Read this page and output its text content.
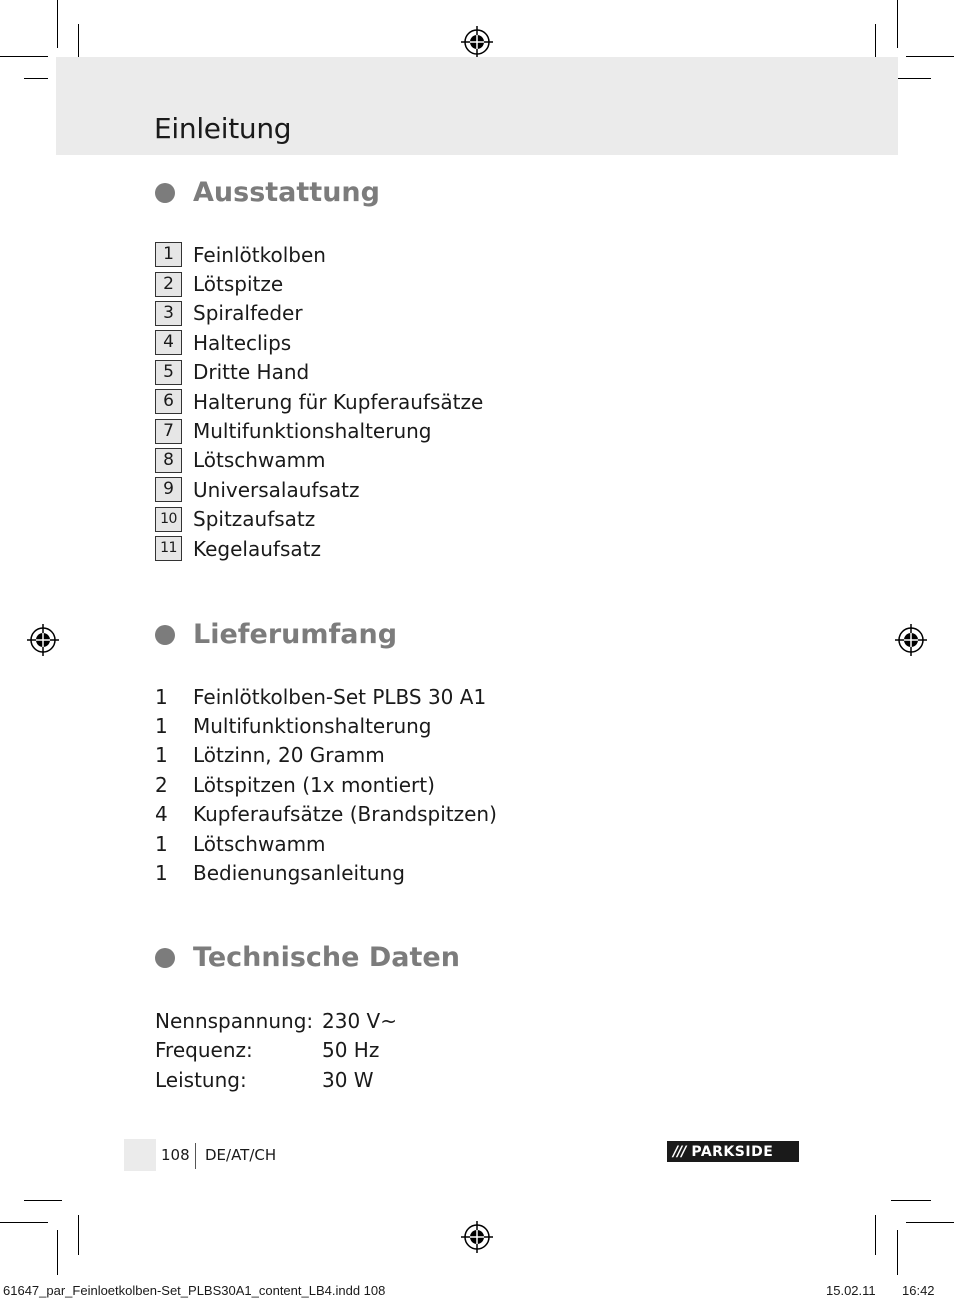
Einleitung
Ausstattung
1 Feinlötkolben
2 Lötspitze
3 Spiralfeder
4 Halteclips
5 Dritte Hand
6 Halterung für Kupferaufsätze
7 Multifunktionshalterung
8 Lötschwamm
9 Universalaufsatz
10 Spitzaufsatz
11 Kegelaufsatz
Lieferumfang
1	Feinlötkolben-Set PLBS 30 A1
1	Multifunktionshalterung
1	Lötzinn, 20 Gramm
2	Lötspitzen (1x montiert)
4	Kupferaufsätze (Brandspitzen)
1	Lötschwamm
1	Bedienungsanleitung
Technische Daten
Nennspannung:	230 V~
Frequenz:	50 Hz
Leistung:	30 W
108 DE/AT/CH	/// PARKSIDE
61647_par_Feinloetkolben-Set_PLBS30A1_content_LB4.indd 108	15.02.11 16:42
